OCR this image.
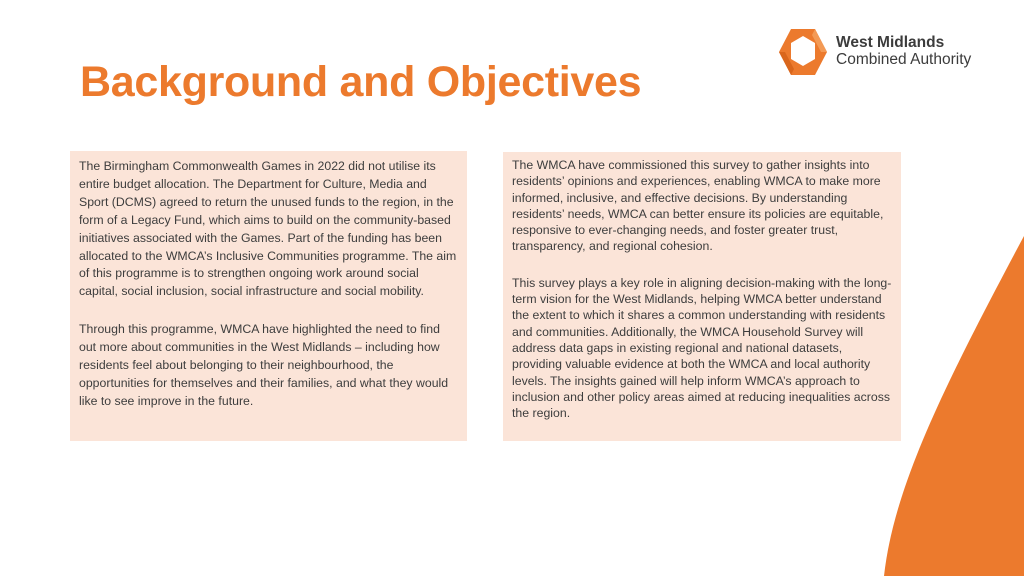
Background and Objectives
West Midlands
Combined Authority

The Birmingham Commonwealth Games in 2022 did not utilise its entire budget allocation. The Department for Culture, Media and Sport (DCMS) agreed to return the unused funds to the region, in the form of a Legacy Fund, which aims to build on the community-based initiatives associated with the Games. Part of the funding has been allocated to the WMCA’s Inclusive Communities programme. The aim of this programme is to strengthen ongoing work around social capital, social inclusion, social infrastructure and social mobility.

Through this programme, WMCA have highlighted the need to find out more about communities in the West Midlands – including how residents feel about belonging to their neighbourhood, the opportunities for themselves and their families, and what they would like to see improve in the future.

The WMCA have commissioned this survey to gather insights into residents’ opinions and experiences, enabling WMCA to make more informed, inclusive, and effective decisions. By understanding residents’ needs, WMCA can better ensure its policies are equitable, responsive to ever-changing needs, and foster greater trust, transparency, and regional cohesion.

This survey plays a key role in aligning decision-making with the long-term vision for the West Midlands, helping WMCA better understand the extent to which it shares a common understanding with residents and communities. Additionally, the WMCA Household Survey will address data gaps in existing regional and national datasets, providing valuable evidence at both the WMCA and local authority levels. The insights gained will help inform WMCA’s approach to inclusion and other policy areas aimed at reducing inequalities across the region.
